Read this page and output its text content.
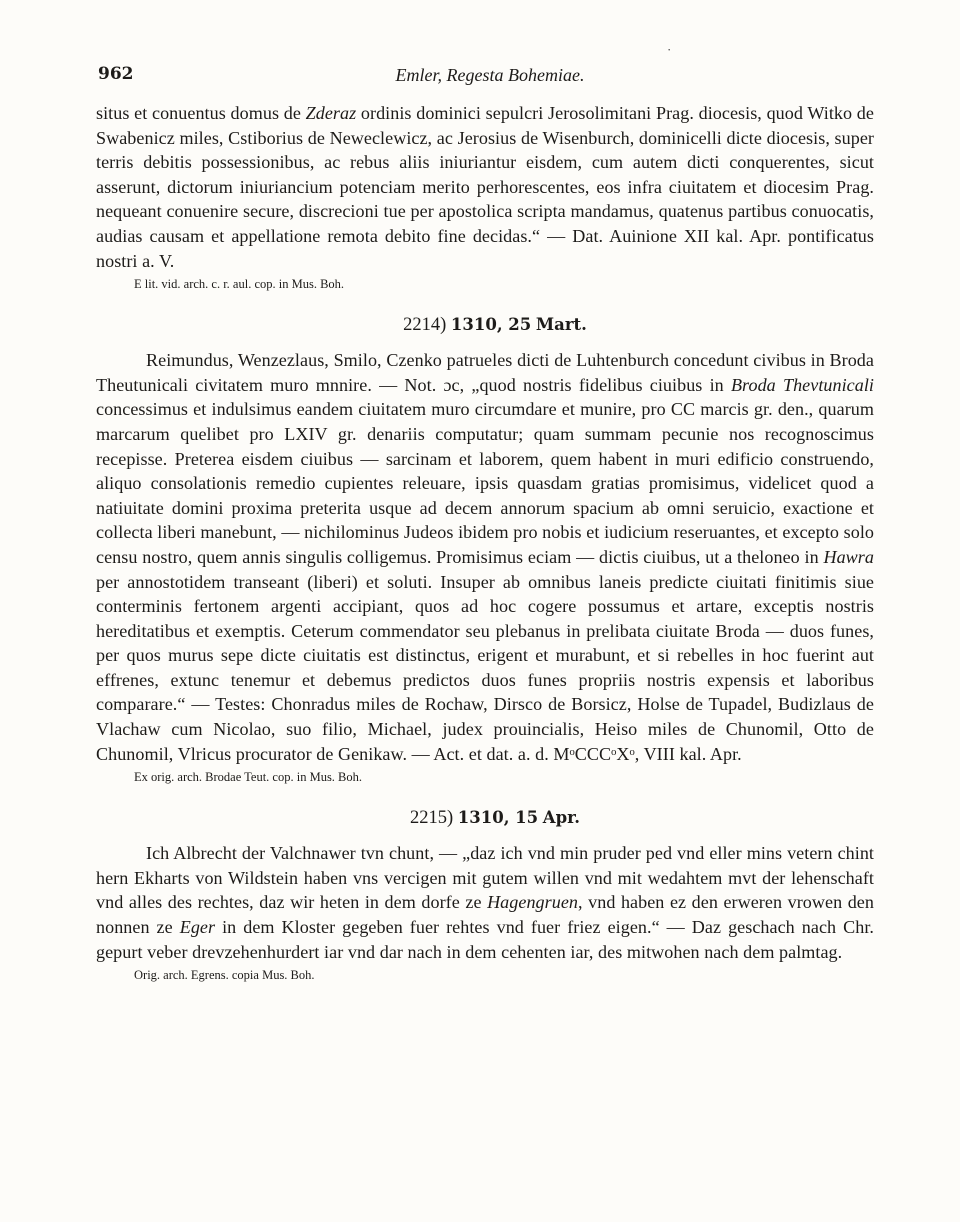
·
962	Emler, Regesta Bohemiae.

situs et conuentus domus de Zderaz ordinis dominici sepulcri Jerosolimitani Prag. diocesis, quod Witko de Swabenicz miles, Cstiborius de Neweclewicz, ac Jerosius de Wisenburch, dominicelli dicte diocesis, super terris debitis possessionibus, ac rebus aliis iniuriantur eisdem, cum autem dicti conquerentes, sicut asserunt, dictorum iniuriancium potenciam merito perhorescentes, eos infra ciuitatem et diocesim Prag. nequeant conuenire secure, discrecioni tue per apostolica scripta mandamus, quatenus partibus conuocatis, audias causam et appellatione remota debito fine decidas.“ — Dat. Auinione XII kal. Apr. pontificatus nostri a. V.

E lit. vid. arch. c. r. aul. cop. in Mus. Boh.
2214) 1310, 25 Mart.

Reimundus, Wenzezlaus, Smilo, Czenko patrueles dicti de Luhtenburch concedunt civibus in Broda Theutunicali civitatem muro mnnire. — Not. ɔc, „quod nostris fidelibus ciuibus in Broda Thevtunicali concessimus et indulsimus eandem ciuitatem muro circumdare et munire, pro CC marcis gr. den., quarum marcarum quelibet pro LXIV gr. denariis computatur; quam summam pecunie nos recognoscimus recepisse. Preterea eisdem ciuibus — sarcinam et laborem, quem habent in muri edificio construendo, aliquo consolationis remedio cupientes releuare, ipsis quasdam gratias promisimus, videlicet quod a natiuitate domini proxima preterita usque ad decem annorum spacium ab omni seruicio, exactione et collecta liberi manebunt, — nichilominus Judeos ibidem pro nobis et iudicium reseruantes, et excepto solo censu nostro, quem annis singulis colligemus. Promisimus eciam — dictis ciuibus, ut a theloneo in Hawra per annostotidem transeant (liberi) et soluti. Insuper ab omnibus laneis predicte ciuitati finitimis siue conterminis fertonem argenti accipiant, quos ad hoc cogere possumus et artare, exceptis nostris hereditatibus et exemptis. Ceterum commendator seu plebanus in prelibata ciuitate Broda — duos funes, per quos murus sepe dicte ciuitatis est distinctus, erigent et murabunt, et si rebelles in hoc fuerint aut effrenes, extunc tenemur et debemus predictos duos funes propriis nostris expensis et laboribus comparare.“ — Testes: Chonradus miles de Rochaw, Dirsco de Borsicz, Holse de Tupadel, Budizlaus de Vlachaw cum Nicolao, suo filio, Michael, judex prouincialis, Heiso miles de Chunomil, Otto de Chunomil, Vlricus procurator de Genikaw. — Act. et dat. a. d. MᵒCCCᵒXᵒ, VIII kal. Apr.

Ex orig. arch. Brodae Teut. cop. in Mus. Boh.
2215) 1310, 15 Apr.

Ich Albrecht der Valchnawer tvn chunt, — „daz ich vnd min pruder ped vnd eller mins vetern chint hern Ekharts von Wildstein haben vns vercigen mit gutem willen vnd mit wedahtem mvt der lehenschaft vnd alles des rechtes, daz wir heten in dem dorfe ze Hagengruen, vnd haben ez den erweren vrowen den nonnen ze Eger in dem Kloster gegeben fuer rehtes vnd fuer friez eigen.“ — Daz geschach nach Chr. gepurt veber drevzehenhurdert iar vnd dar nach in dem cehenten iar, des mitwohen nach dem palmtag.

Orig. arch. Egrens. copia Mus. Boh.
